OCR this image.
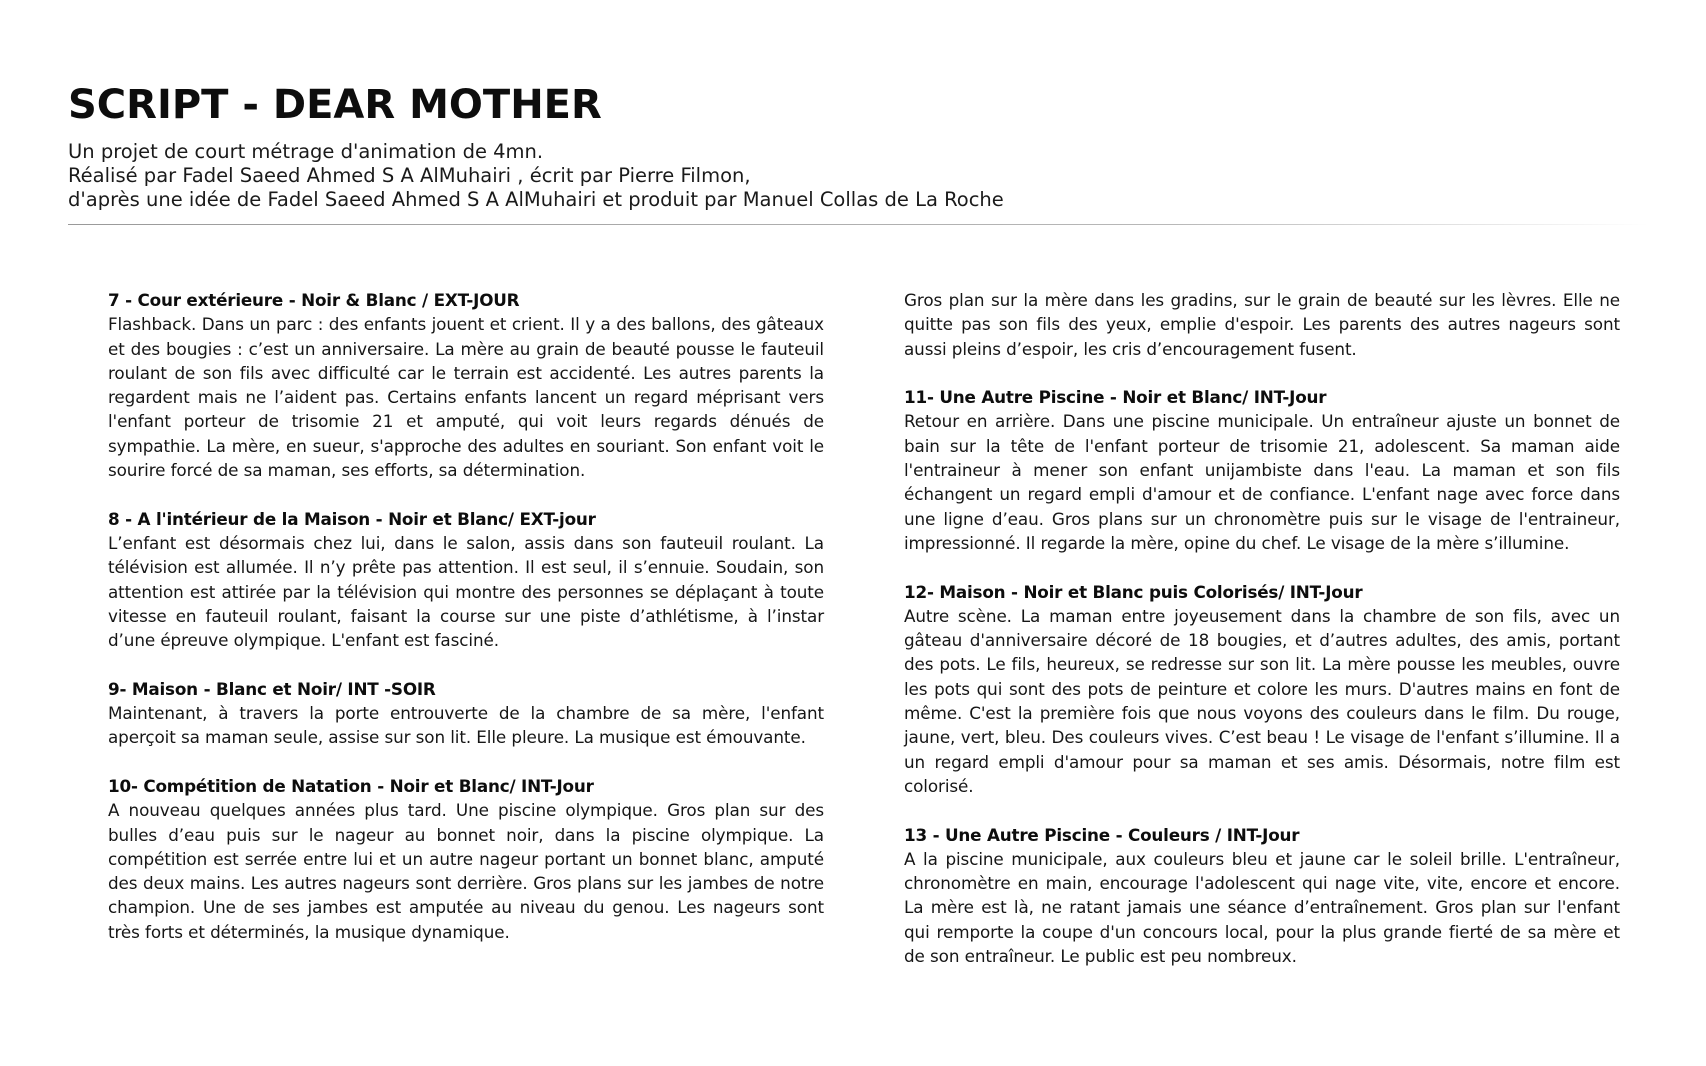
SCRIPT - DEAR MOTHER
Un projet de court métrage d'animation de 4mn.
Réalisé par Fadel Saeed Ahmed S A AlMuhairi , écrit par Pierre Filmon,
d'après une idée de Fadel Saeed Ahmed S A AlMuhairi et produit par Manuel Collas de La Roche
7 - Cour extérieure - Noir & Blanc / EXT-JOUR
Flashback. Dans un parc : des enfants jouent et crient. Il y a des ballons, des gâteaux et des bougies : c’est un anniversaire. La mère au grain de beauté pousse le fauteuil roulant de son fils avec difficulté car le terrain est accidenté. Les autres parents la regardent mais ne l’aident pas. Certains enfants lancent un regard méprisant vers l'enfant porteur de trisomie 21 et amputé, qui voit leurs regards dénués de sympathie. La mère, en sueur, s'approche des adultes en souriant. Son enfant voit le sourire forcé de sa maman, ses efforts, sa détermination.
8 - A l'intérieur de la Maison - Noir et Blanc/ EXT-jour
L’enfant est désormais chez lui, dans le salon, assis dans son fauteuil roulant. La télévision est allumée. Il n’y prête pas attention. Il est seul, il s’ennuie. Soudain, son attention est attirée par la télévision qui montre des personnes se déplaçant à toute vitesse en fauteuil roulant, faisant la course sur une piste d’athlétisme, à l’instar d’une épreuve olympique. L'enfant est fasciné.
9- Maison - Blanc et Noir/ INT -SOIR
Maintenant, à travers la porte entrouverte de la chambre de sa mère, l'enfant aperçoit sa maman seule, assise sur son lit. Elle pleure. La musique est émouvante.
10- Compétition de Natation - Noir et Blanc/ INT-Jour
A nouveau quelques années plus tard. Une piscine olympique. Gros plan sur des bulles d’eau puis sur le nageur au bonnet noir, dans la piscine olympique. La compétition est serrée entre lui et un autre nageur portant un bonnet blanc, amputé des deux mains. Les autres nageurs sont derrière. Gros plans sur les jambes de notre champion. Une de ses jambes est amputée au niveau du genou. Les nageurs sont très forts et déterminés, la musique dynamique.
Gros plan sur la mère dans les gradins, sur le grain de beauté sur les lèvres. Elle ne quitte pas son fils des yeux, emplie d'espoir. Les parents des autres nageurs sont aussi pleins d’espoir, les cris d’encouragement fusent.
11- Une Autre Piscine - Noir et Blanc/ INT-Jour
Retour en arrière. Dans une piscine municipale. Un entraîneur ajuste un bonnet de bain sur la tête de l'enfant porteur de trisomie 21, adolescent. Sa maman aide l'entraineur à mener son enfant unijambiste dans l'eau. La maman et son fils échangent un regard empli d'amour et de confiance. L'enfant nage avec force dans une ligne d’eau. Gros plans sur un chronomètre puis sur le visage de l'entraineur, impressionné. Il regarde la mère, opine du chef. Le visage de la mère s’illumine.
12- Maison - Noir et Blanc puis Colorisés/ INT-Jour
Autre scène. La maman entre joyeusement dans la chambre de son fils, avec un gâteau d'anniversaire décoré de 18 bougies, et d’autres adultes, des amis, portant des pots. Le fils, heureux, se redresse sur son lit. La mère pousse les meubles, ouvre les pots qui sont des pots de peinture et colore les murs. D'autres mains en font de même. C'est la première fois que nous voyons des couleurs dans le film. Du rouge, jaune, vert, bleu. Des couleurs vives. C’est beau ! Le visage de l'enfant s’illumine. Il a un regard empli d'amour pour sa maman et ses amis. Désormais, notre film est colorisé.
13 - Une Autre Piscine - Couleurs / INT-Jour
A la piscine municipale, aux couleurs bleu et jaune car le soleil brille. L'entraîneur, chronomètre en main, encourage l'adolescent qui nage vite, vite, encore et encore. La mère est là, ne ratant jamais une séance d’entraînement. Gros plan sur l'enfant qui remporte la coupe d'un concours local, pour la plus grande fierté de sa mère et de son entraîneur. Le public est peu nombreux.
